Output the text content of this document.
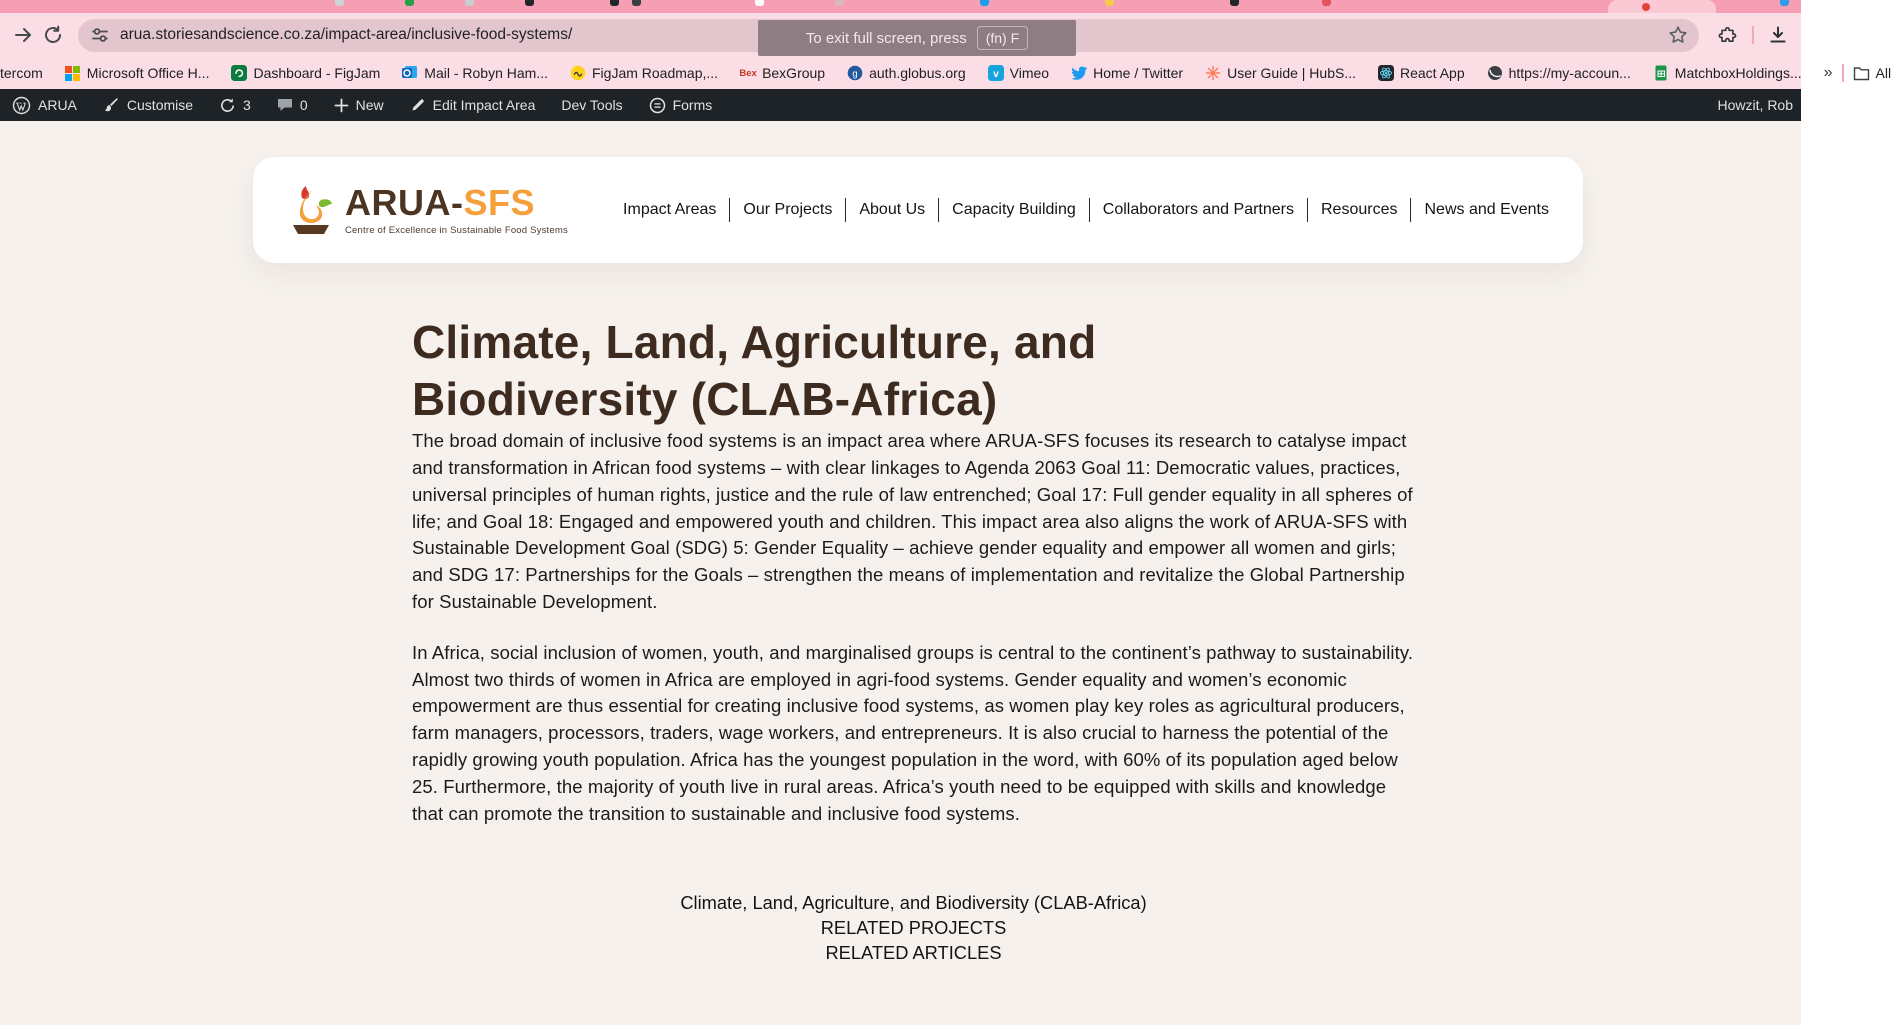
arua.storiesandscience.co.za/impact-area/inclusive-food-systems/	To exit full screen, press	(fn) F
tercom	Microsoft Office H...	Dashboard - FigJam	Mail - Robyn Ham...	FigJam Roadmap,... Bex BexGroup	g auth.globus.org	v Vimeo	Home / Twitter	User Guide | HubS...	React App	https://my-accoun...	MatchboxHoldings... »	All
ARUA	Customise	3	0	New	Edit Impact Area Dev Tools	Forms	Howzit, Rob
ARUA-SFS
Centre of Excellence in Sustainable Food Systems
Impact Areas	Our Projects	About Us	Capacity Building	Collaborators and Partners	Resources	News and Events
Climate, Land, Agriculture, and Biodiversity (CLAB-Africa)

The broad domain of inclusive food systems is an impact area where ARUA-SFS focuses its research to catalyse impact and transformation in African food systems – with clear linkages to Agenda 2063 Goal 11: Democratic values, practices, universal principles of human rights, justice and the rule of law entrenched; Goal 17: Full gender equality in all spheres of life; and Goal 18: Engaged and empowered youth and children. This impact area also aligns the work of ARUA-SFS with Sustainable Development Goal (SDG) 5: Gender Equality – achieve gender equality and empower all women and girls; and SDG 17: Partnerships for the Goals – strengthen the means of implementation and revitalize the Global Partnership for Sustainable Development.

In Africa, social inclusion of women, youth, and marginalised groups is central to the continent’s pathway to sustainability. Almost two thirds of women in Africa are employed in agri-food systems. Gender equality and women’s economic empowerment are thus essential for creating inclusive food systems, as women play key roles as agricultural producers, farm managers, processors, traders, wage workers, and entrepreneurs. It is also crucial to harness the potential of the rapidly growing youth population. Africa has the youngest population in the word, with 60% of its population aged below 25. Furthermore, the majority of youth live in rural areas. Africa’s youth need to be equipped with skills and knowledge that can promote the transition to sustainable and inclusive food systems.

Climate, Land, Agriculture, and Biodiversity (CLAB-Africa)
RELATED PROJECTS
RELATED ARTICLES
